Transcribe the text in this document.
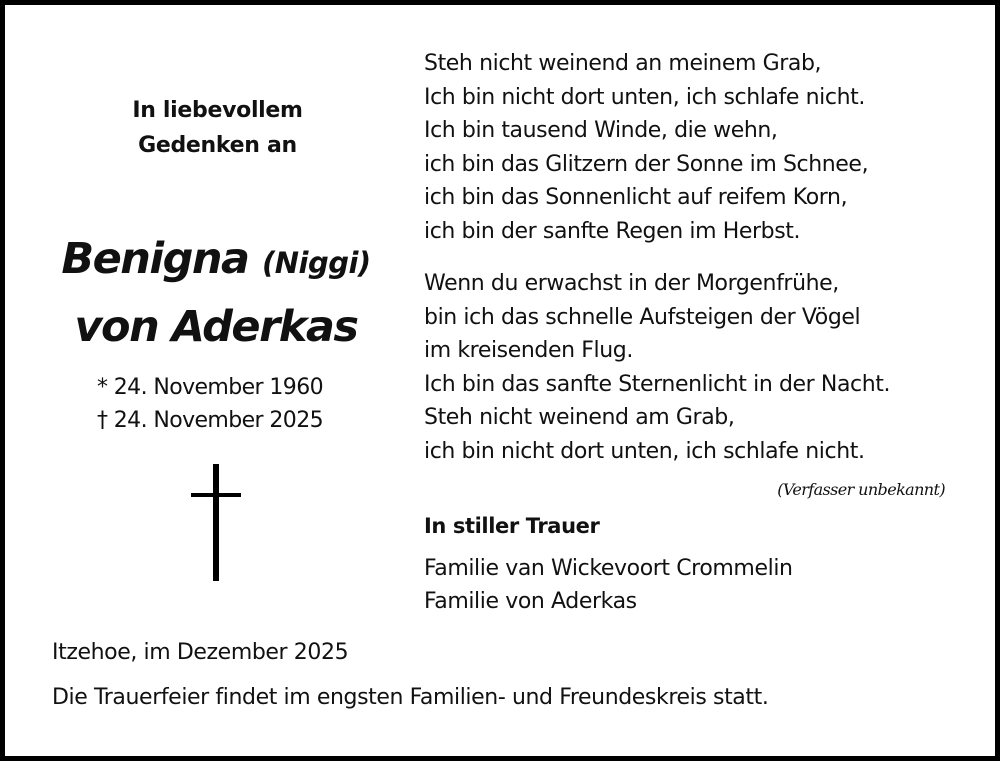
In liebevollem
Gedenken an
Benigna (Niggi)
von Aderkas
* 24. November 1960
† 24. November 2025
Steh nicht weinend an meinem Grab,
Ich bin nicht dort unten, ich schlafe nicht.
Ich bin tausend Winde, die wehn,
ich bin das Glitzern der Sonne im Schnee,
ich bin das Sonnenlicht auf reifem Korn,
ich bin der sanfte Regen im Herbst.
Wenn du erwachst in der Morgenfrühe,
bin ich das schnelle Aufsteigen der Vögel
im kreisenden Flug.
Ich bin das sanfte Sternenlicht in der Nacht.
Steh nicht weinend am Grab,
ich bin nicht dort unten, ich schlafe nicht.
(Verfasser unbekannt)
In stiller Trauer
Familie van Wickevoort Crommelin
Familie von Aderkas
Itzehoe, im Dezember 2025
Die Trauerfeier findet im engsten Familien- und Freundeskreis statt.
